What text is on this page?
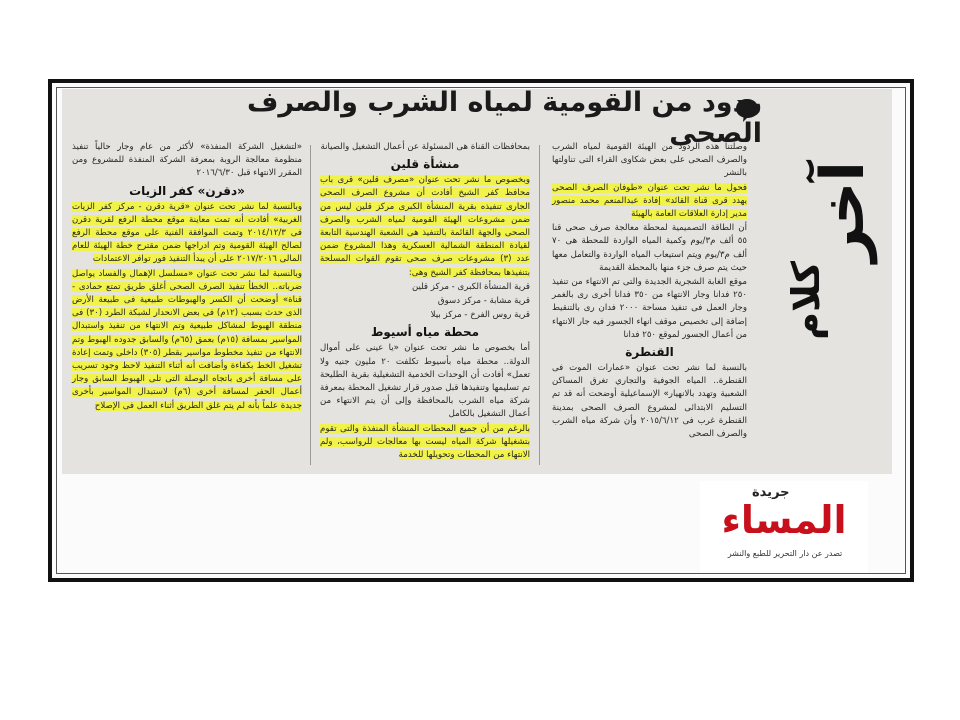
ردود من القومية لمياه الشرب والصرف الصحى
آخر
كلام

وصلتنا هذه الردود من الهيئة القومية لمياه الشرب والصرف الصحى على بعض شكاوى القراء التى تناولتها بالنشر

فحول ما نشر تحت عنوان «طوفان الصرف الصحى يهدد قرى قناة القائد» إفادة عبدالمنعم محمد منصور مدير إدارة العلاقات العامة بالهيئة

أن الطاقة التصميمية لمحطة معالجة صرف صحى قنا ٥٥ ألف م٣/يوم وكمية المياه الواردة للمحطة هى ٧٠ ألف م٣/يوم ويتم استيعاب المياه الواردة والتعامل معها حيث يتم صرف جزء منها بالمحطة القديمة

موقع الغابة الشجرية الجديدة والتى تم الانتهاء من تنفيذ ٢٥٠ فدانا وجار الانتهاء من ٣٥٠ فدانا أخرى رى بالغمر وجار العمل فى تنفيذ مساحة ٢٠٠٠ فدان رى بالتنقيط إضافة إلى تخصيص موقف انهاء الجسور فيه جار الانتهاء من أعمال الجسور لموقع ٢٥٠ فدانا

القنطرة

بالنسبة لما نشر تحت عنوان «عمارات الموت فى القنطرة.. المياه الجوفية والتجاري تغرق المساكن الشعبية وتهدد بالانهيار» الإسماعيلية أوضحت أنه قد تم التسليم الابتدائى لمشروع الصرف الصحى بمدينة القنطرة غرب فى ٢٠١٥/٦/١٢ وأن شركة مياه الشرب والصرف الصحى

بمحافظات القناة هى المسئولة عن أعمال التشغيل والصيانة

منشأة قلين

وبخصوص ما نشر تحت عنوان «مصرف قلين» قرى باب محافظ كفر الشيخ أفادت أن مشروع الصرف الصحى الجارى تنفيذه بقرية المنشأة الكبرى مركز قلين ليس من ضمن مشروعات الهيئة القومية لمياه الشرب والصرف الصحى والجهة القائمة بالتنفيذ هى الشعبة الهندسية التابعة لقيادة المنطقة الشمالية العسكرية وهذا المشروع ضمن عدد (٣) مشروعات صرف صحى تقوم القوات المسلحة بتنفيذها بمحافظة كفر الشيخ وهى:

قرية المنشأة الكبرى - مركز قلين

قرية مشابة - مركز دسوق

قرية روس الفرخ - مركز بيلا

محطة مياه أسيوط

أما بخصوص ما نشر تحت عنوان «يا عينى على أموال الدولة.. محطة مياه بأسيوط تكلفت ٢٠ مليون جنيه ولا تعمل» أفادت أن الوحدات الخدمية التشغيلية بقرية الطليحة تم تسليمها وتنفيذها قبل صدور قرار تشغيل المحطة بمعرفة شركة مياه الشرب بالمحافظة وإلى أن يتم الانتهاء من أعمال التشغيل بالكامل

بالرغم من أن جميع المحطات المنشأة المنفذة والتى تقوم بتشغيلها شركة المياه ليست بها معالجات للرواسب، ولم الانتهاء من المحطات وتحويلها للخدمة

«لتشغيل الشركة المنفذة» لأكثر من عام وجار حالياً تنفيذ منظومة معالجة الروبة بمعرفة الشركة المنفذة للمشروع ومن المقرر الانتهاء قبل ٢٠١٦/٦/٣٠

«دقرن» كفر الزيات

وبالنسبة لما نشر تحت عنوان «قرية دقرن - مركز كفر الزيات الغربية» أفادت أنه تمت معاينة موقع محطة الرفع لقرية دقرن فى ٢٠١٤/١٢/٣ وتمت الموافقة الفنية على موقع محطة الرفع لصالح الهيئة القومية وتم ادراجها ضمن مقترح خطة الهيئة للعام المالى ٢٠١٧/٢٠١٦ على أن يبدأ التنفيذ فور توافر الاعتمادات

وبالنسبة لما نشر تحت عنوان «مسلسل الإهمال والفساد يواصل ضرباته.. الخطأ تنفيذ الصرف الصحى أغلق طريق تمتع حمادى - قناة» أوضحت أن الكسر والهبوطات طبيعية فى طبيعة الأرض الذى حدث بسبب (١٢م) فى بعض الانحدار لشبكة الطرد (٣٠) فى منطقة الهبوط لمشاكل طبيعية وتم الانتهاء من تنفيذ واستبدال المواسير بمسافة (١٥م) بعمق (٦٥م) والسابق جدوده الهبوط وتم الانتهاء من تنفيذ مخطوط مواسير بقطر (٣٠٥) داخلى وتمت إعادة تشغيل الخط بكفاءة وأضافت أنه أثناء التنفيذ لاحظ وجود تسريب على مسافة أخرى باتجاه الوصلة التى تلى الهبوط السابق وجار أعمال الحفر لمسافة أخرى (٦م) لاستبدال المواسير بأخرى جديدة علماً بأنه لم يتم غلق الطريق أثناء العمل فى الإصلاح

جريدة
المساء
تصدر عن دار التحرير للطبع والنشر
